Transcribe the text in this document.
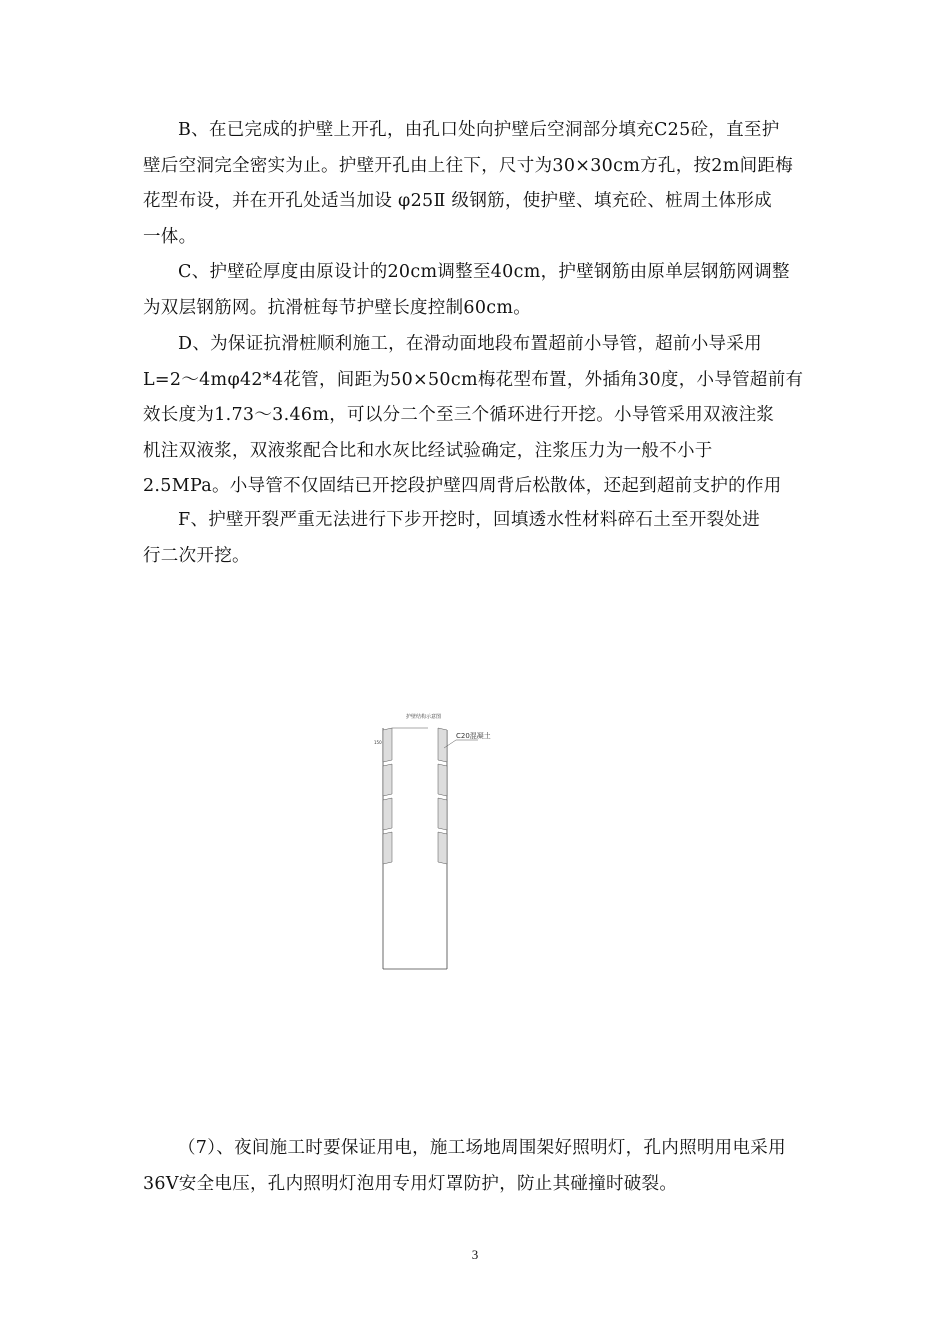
B、在已完成的护壁上开孔，由孔口处向护壁后空洞部分填充C25砼，直至护
壁后空洞完全密实为止。护壁开孔由上往下，尺寸为30×30cm方孔，按2m间距梅
花型布设，并在开孔处适当加设 φ25Ⅱ 级钢筋，使护壁、填充砼、桩周土体形成
一体。
C、护壁砼厚度由原设计的20cm调整至40cm，护壁钢筋由原单层钢筋网调整
为双层钢筋网。抗滑桩每节护壁长度控制60cm。
D、为保证抗滑桩顺利施工，在滑动面地段布置超前小导管，超前小导采用
L=2～4mφ42*4花管，间距为50×50cm梅花型布置，外插角30度，小导管超前有
效长度为1.73～3.46m，可以分二个至三个循环进行开挖。小导管采用双液注浆
机注双液浆，双液浆配合比和水灰比经试验确定，注浆压力为一般不小于
2.5MPa。小导管不仅固结已开挖段护壁四周背后松散体，还起到超前支护的作用
F、护壁开裂严重无法进行下步开挖时，回填透水性材料碎石土至开裂处进
行二次开挖。
护壁结构示意图
C20混凝土
150
（7）、夜间施工时要保证用电，施工场地周围架好照明灯，孔内照明用电采用
36V安全电压，孔内照明灯泡用专用灯罩防护，防止其碰撞时破裂。
3
